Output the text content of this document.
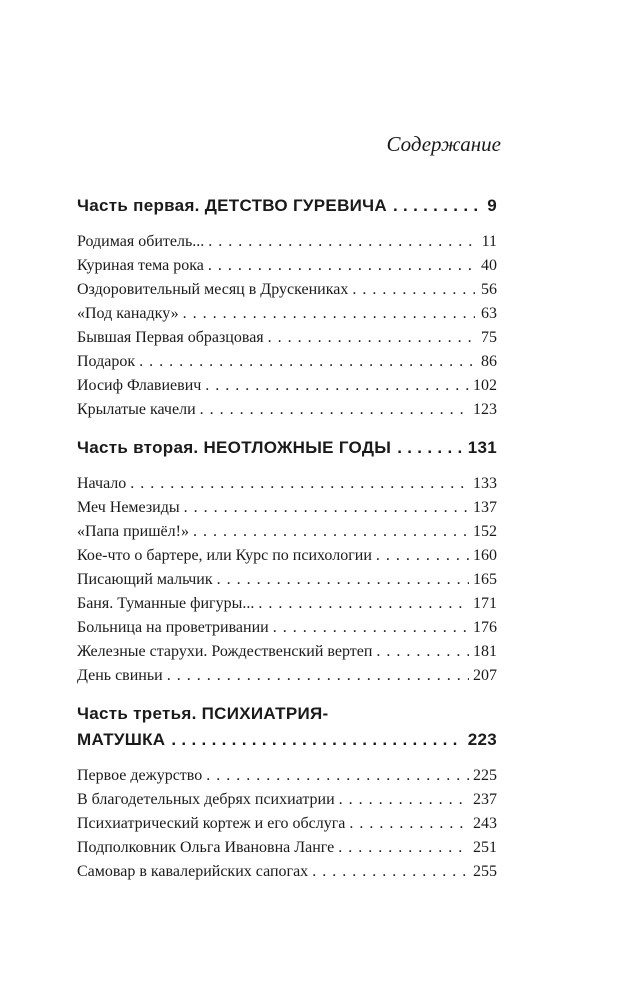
Содержание
Часть первая. ДЕТСТВО ГУРЕВИЧА . . .	9
Родимая обитель... . . .	11
Куриная тема рока . . .	40
Оздоровительный месяц в Друскениках . . .	56
«Под канадку» . . .	63
Бывшая Первая образцовая . . .	75
Подарок . . .	86
Иосиф Флавиевич . . .	102
Крылатые качели . . .	123
Часть вторая. НЕОТЛОЖНЫЕ ГОДЫ . . .	131
Начало . . .	133
Меч Немезиды . . .	137
«Папа пришёл!» . . .	152
Кое-что о бартере, или Курс по психологии . . .	160
Писающий мальчик . . .	165
Баня. Туманные фигуры... . . .	171
Больница на проветривании . . .	176
Железные старухи. Рождественский вертеп . . .	181
День свиньи . . .	207
Часть третья. ПСИХИАТРИЯ-
МАТУШКА . . .	223
Первое дежурство . . .	225
В благодетельных дебрях психиатрии . . .	237
Психиатрический кортеж и его обслуга . . .	243
Подполковник Ольга Ивановна Ланге . . .	251
Самовар в кавалерийских сапогах . . .	255
